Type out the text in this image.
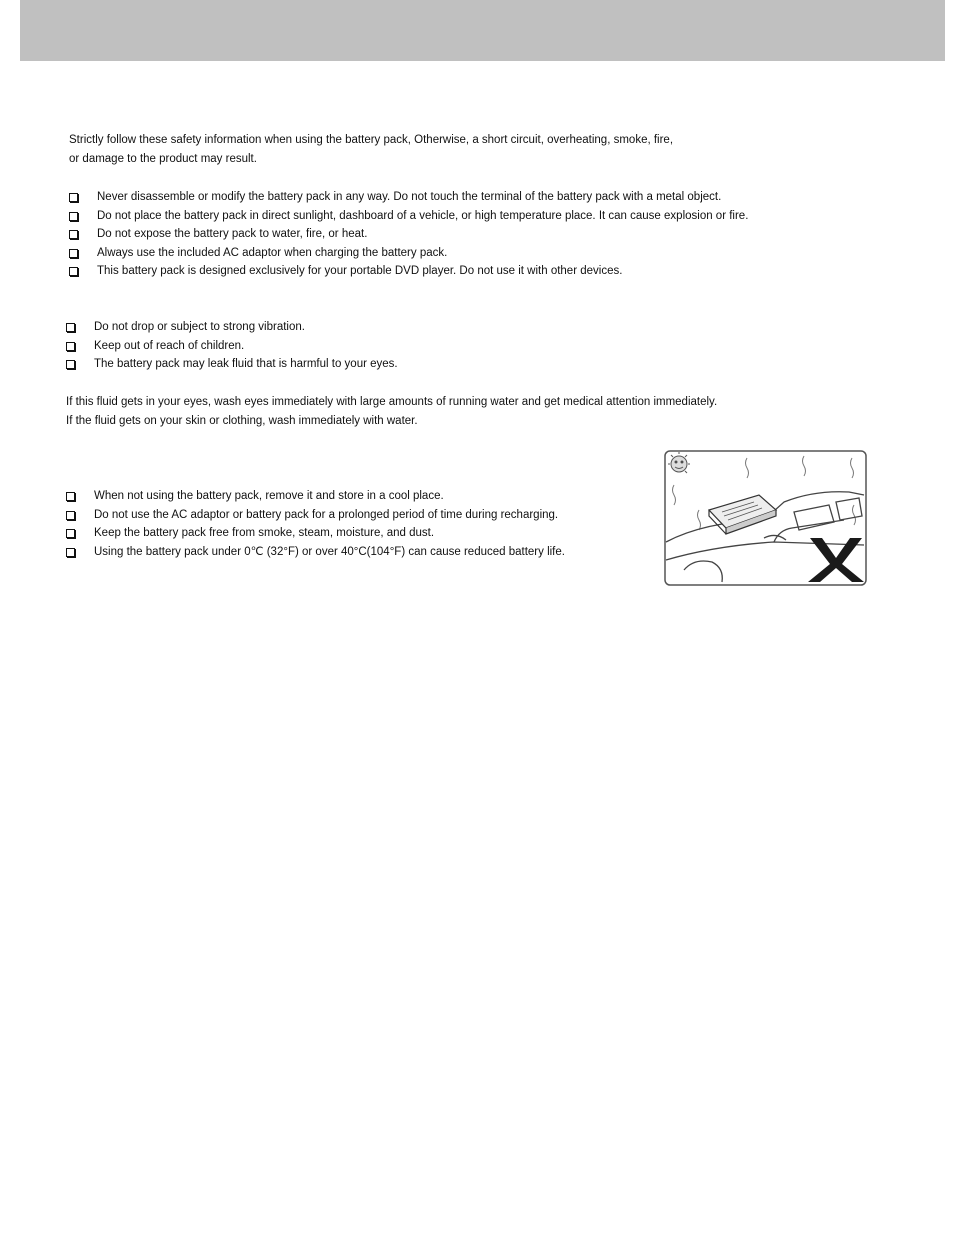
Strictly follow these safety information when using the battery pack, Otherwise, a short circuit, overheating, smoke, fire,
or damage to the product may result.
Never disassemble or modify the battery pack in any way. Do not touch the terminal of the battery pack with a metal object.
Do not place the battery pack in direct sunlight, dashboard of a vehicle, or high temperature place. It can cause explosion or fire.
Do not expose the battery pack to water, fire, or heat.
Always use the included AC adaptor when charging the battery pack.
This battery pack is designed exclusively for your portable DVD player. Do not use it with other devices.
Do not drop or subject to strong vibration.
Keep out of reach of children.
The battery pack may leak fluid that is harmful to your eyes.
If this fluid gets in your eyes, wash eyes immediately with large amounts of running water and get medical attention immediately.
If the fluid gets on your skin or clothing, wash immediately with water.
When not using the battery pack, remove it and store in a cool place.
Do not use the AC adaptor or battery pack for a prolonged period of time during recharging.
Keep the battery pack free from smoke, steam, moisture, and dust.
Using the battery pack under 0℃ (32°F) or over 40°C(104°F) can cause reduced battery life.
